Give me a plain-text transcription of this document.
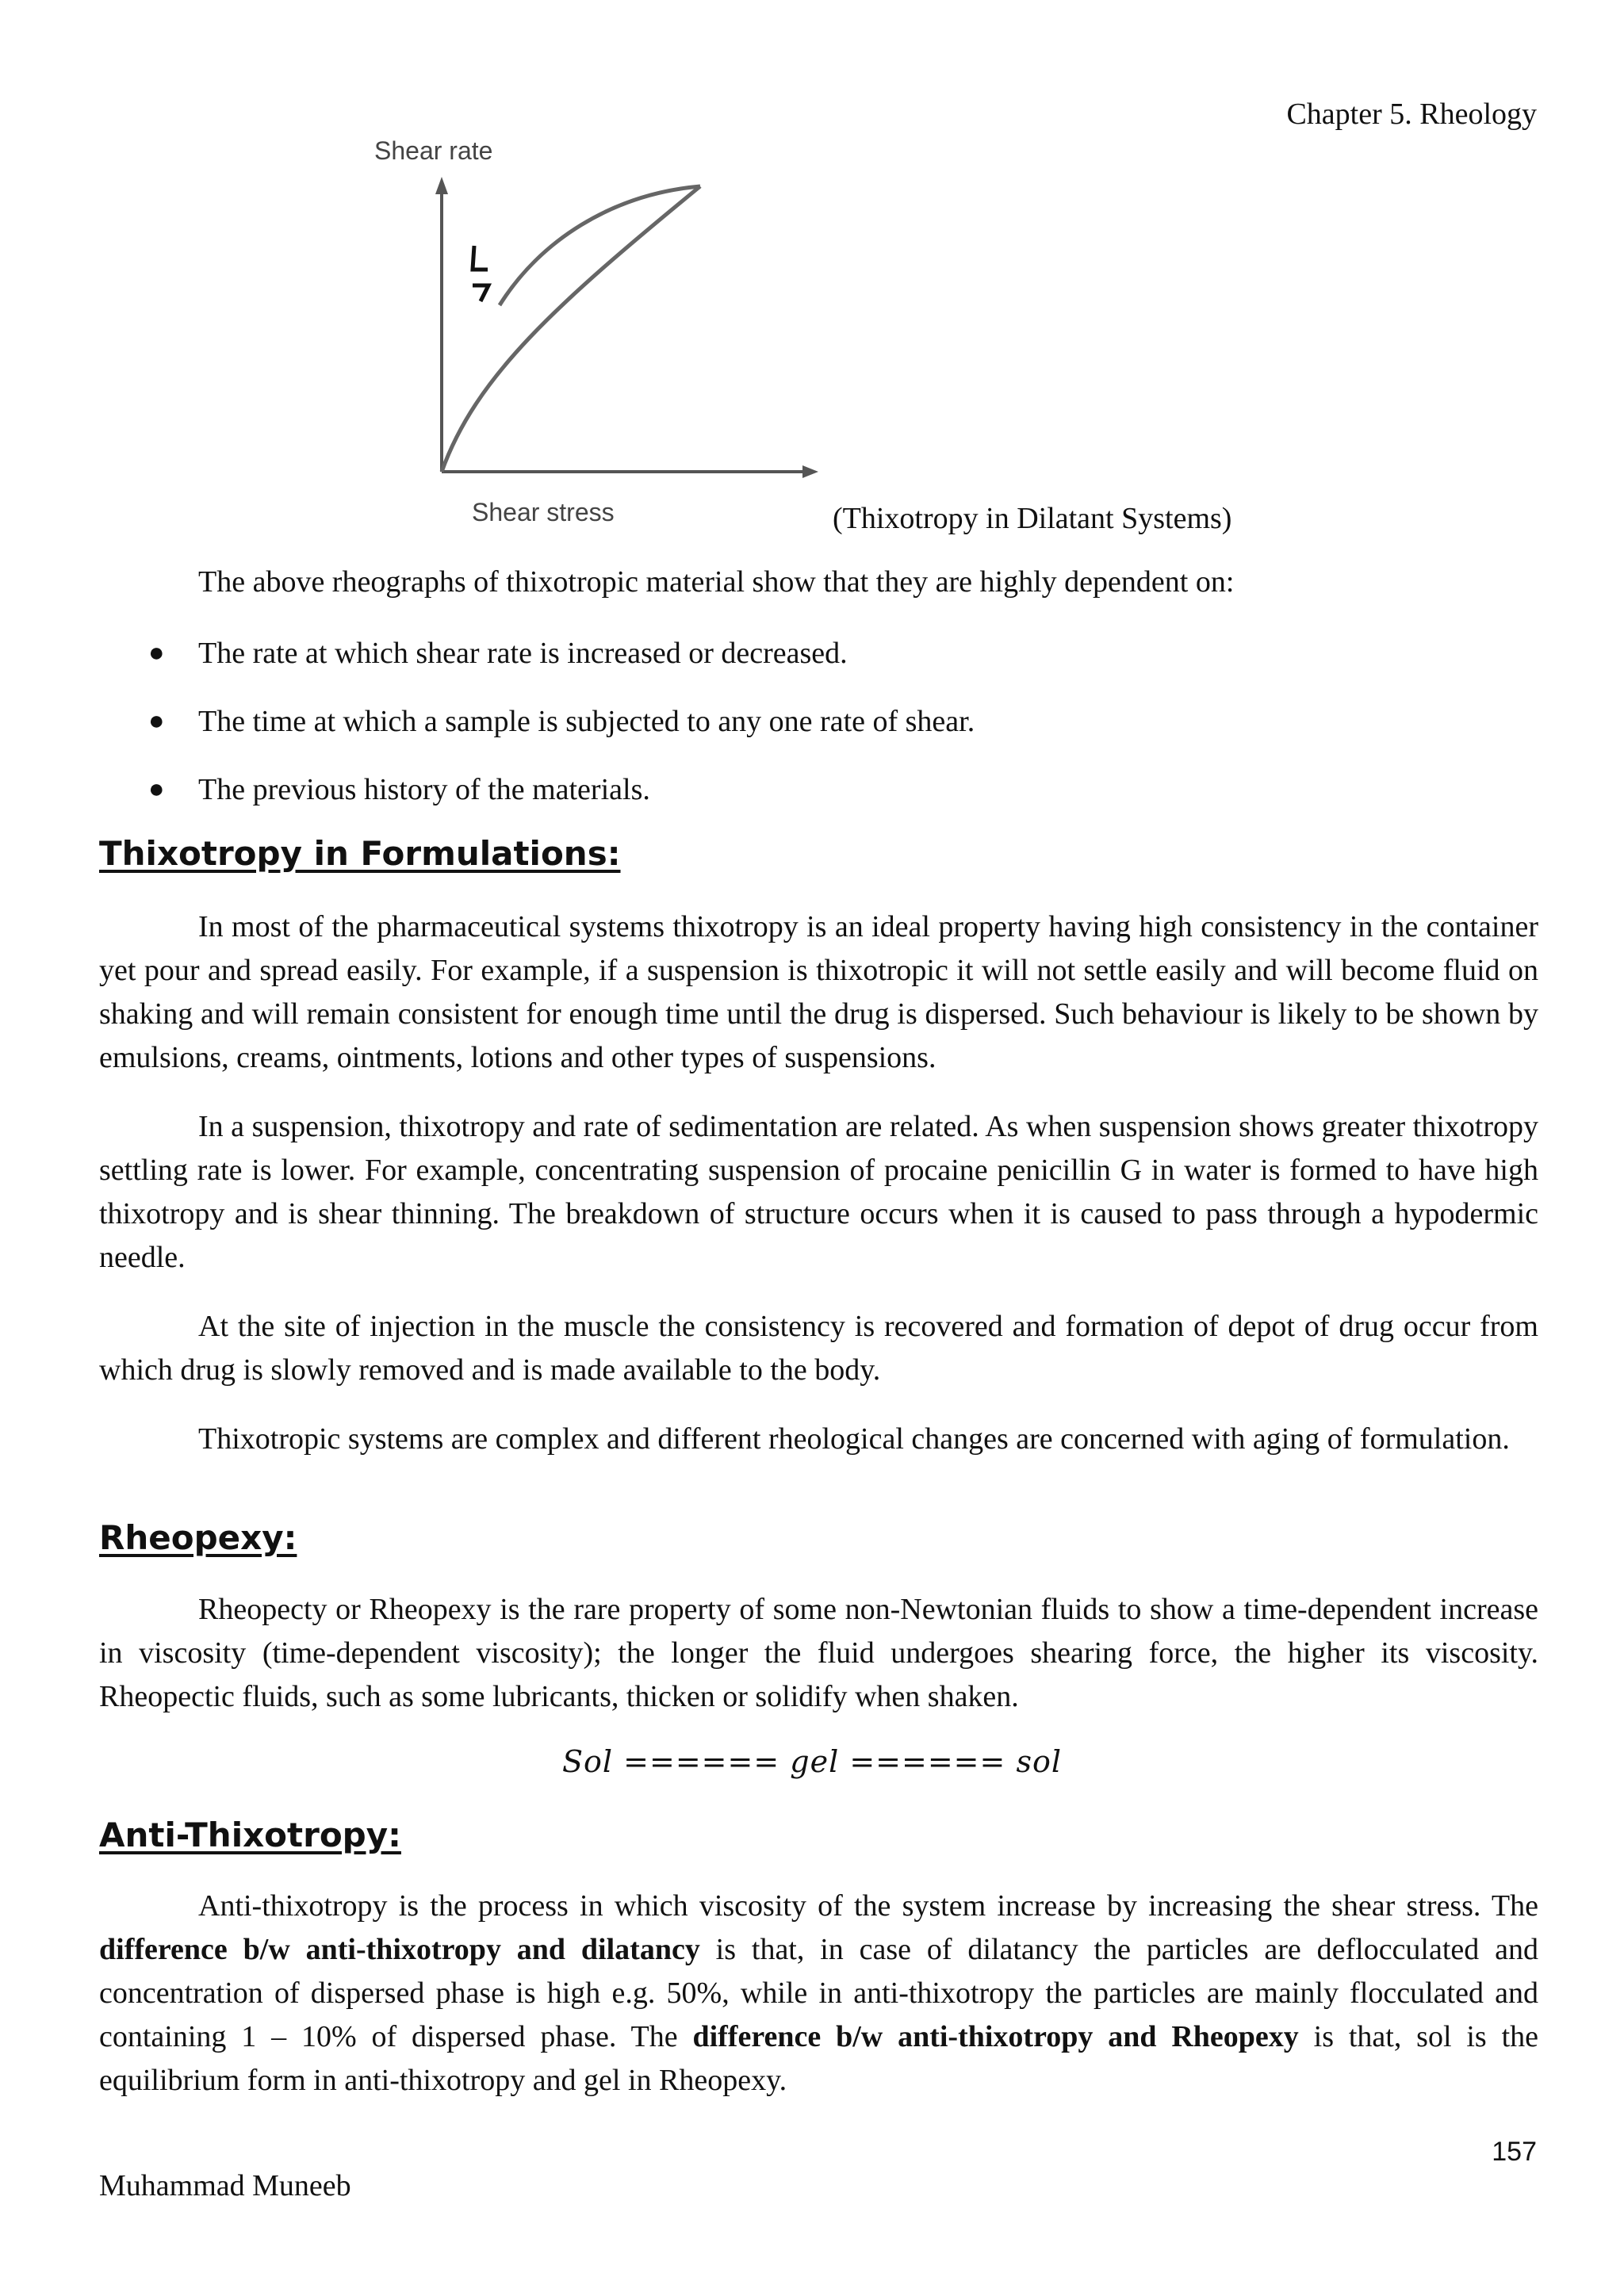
Chapter 5. Rheology
Shear rate
Shear stress	(Thixotropy in Dilatant Systems)
The above rheographs of thixotropic material show that they are highly dependent on:
● The rate at which shear rate is increased or decreased.
● The time at which a sample is subjected to any one rate of shear.
● The previous history of the materials.
Thixotropy in Formulations:

In most of the pharmaceutical systems thixotropy is an ideal property having high consistency in the container yet pour and spread easily. For example, if a suspension is thixotropic it will not settle easily and will become fluid on shaking and will remain consistent for enough time until the drug is dispersed. Such behaviour is likely to be shown by emulsions, creams, ointments, lotions and other types of suspensions.

In a suspension, thixotropy and rate of sedimentation are related. As when suspension shows greater thixotropy settling rate is lower. For example, concentrating suspension of procaine penicillin G in water is formed to have high thixotropy and is shear thinning. The breakdown of structure occurs when it is caused to pass through a hypodermic needle.

At the site of injection in the muscle the consistency is recovered and formation of depot of drug occur from which drug is slowly removed and is made available to the body.

Thixotropic systems are complex and different rheological changes are concerned with aging of formulation.

Rheopexy:

Rheopecty or Rheopexy is the rare property of some non-Newtonian fluids to show a time-dependent increase in viscosity (time-dependent viscosity); the longer the fluid undergoes shearing force, the higher its viscosity. Rheopectic fluids, such as some lubricants, thicken or solidify when shaken.

Sol ====== gel ====== sol
Anti-Thixotropy:

Anti-thixotropy is the process in which viscosity of the system increase by increasing the shear stress. The difference b/w anti-thixotropy and dilatancy is that, in case of dilatancy the particles are deflocculated and concentration of dispersed phase is high e.g. 50%, while in anti-thixotropy the particles are mainly flocculated and containing 1 – 10% of dispersed phase. The difference b/w anti-thixotropy and Rheopexy is that, sol is the equilibrium form in anti-thixotropy and gel in Rheopexy.

157
Muhammad Muneeb
